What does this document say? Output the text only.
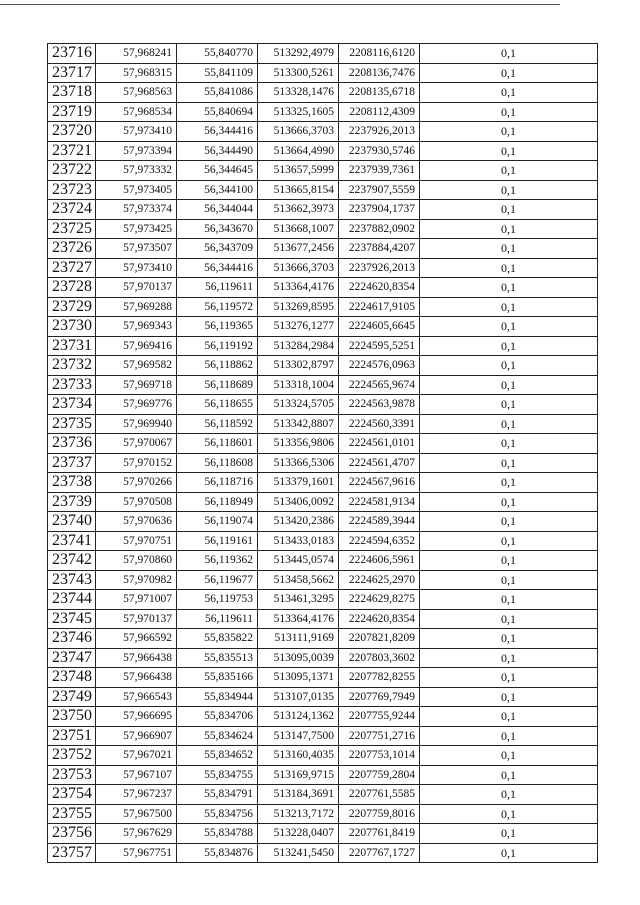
23716	57,968241	55,840770	513292,4979	2208116,6120	0,1
23717	57,968315	55,841109	513300,5261	2208136,7476	0,1
23718	57,968563	55,841086	513328,1476	2208135,6718	0,1
23719	57,968534	55,840694	513325,1605	2208112,4309	0,1
23720	57,973410	56,344416	513666,3703	2237926,2013	0,1
23721	57,973394	56,344490	513664,4990	2237930,5746	0,1
23722	57,973332	56,344645	513657,5999	2237939,7361	0,1
23723	57,973405	56,344100	513665,8154	2237907,5559	0,1
23724	57,973374	56,344044	513662,3973	2237904,1737	0,1
23725	57,973425	56,343670	513668,1007	2237882,0902	0,1
23726	57,973507	56,343709	513677,2456	2237884,4207	0,1
23727	57,973410	56,344416	513666,3703	2237926,2013	0,1
23728	57,970137	56,119611	513364,4176	2224620,8354	0,1
23729	57,969288	56,119572	513269,8595	2224617,9105	0,1
23730	57,969343	56,119365	513276,1277	2224605,6645	0,1
23731	57,969416	56,119192	513284,2984	2224595,5251	0,1
23732	57,969582	56,118862	513302,8797	2224576,0963	0,1
23733	57,969718	56,118689	513318,1004	2224565,9674	0,1
23734	57,969776	56,118655	513324,5705	2224563,9878	0,1
23735	57,969940	56,118592	513342,8807	2224560,3391	0,1
23736	57,970067	56,118601	513356,9806	2224561,0101	0,1
23737	57,970152	56,118608	513366,5306	2224561,4707	0,1
23738	57,970266	56,118716	513379,1601	2224567,9616	0,1
23739	57,970508	56,118949	513406,0092	2224581,9134	0,1
23740	57,970636	56,119074	513420,2386	2224589,3944	0,1
23741	57,970751	56,119161	513433,0183	2224594,6352	0,1
23742	57,970860	56,119362	513445,0574	2224606,5961	0,1
23743	57,970982	56,119677	513458,5662	2224625,2970	0,1
23744	57,971007	56,119753	513461,3295	2224629,8275	0,1
23745	57,970137	56,119611	513364,4176	2224620,8354	0,1
23746	57,966592	55,835822	513111,9169	2207821,8209	0,1
23747	57,966438	55,835513	513095,0039	2207803,3602	0,1
23748	57,966438	55,835166	513095,1371	2207782,8255	0,1
23749	57,966543	55,834944	513107,0135	2207769,7949	0,1
23750	57,966695	55,834706	513124,1362	2207755,9244	0,1
23751	57,966907	55,834624	513147,7500	2207751,2716	0,1
23752	57,967021	55,834652	513160,4035	2207753,1014	0,1
23753	57,967107	55,834755	513169,9715	2207759,2804	0,1
23754	57,967237	55,834791	513184,3691	2207761,5585	0,1
23755	57,967500	55,834756	513213,7172	2207759,8016	0,1
23756	57,967629	55,834788	513228,0407	2207761,8419	0,1
23757	57,967751	55,834876	513241,5450	2207767,1727	0,1
